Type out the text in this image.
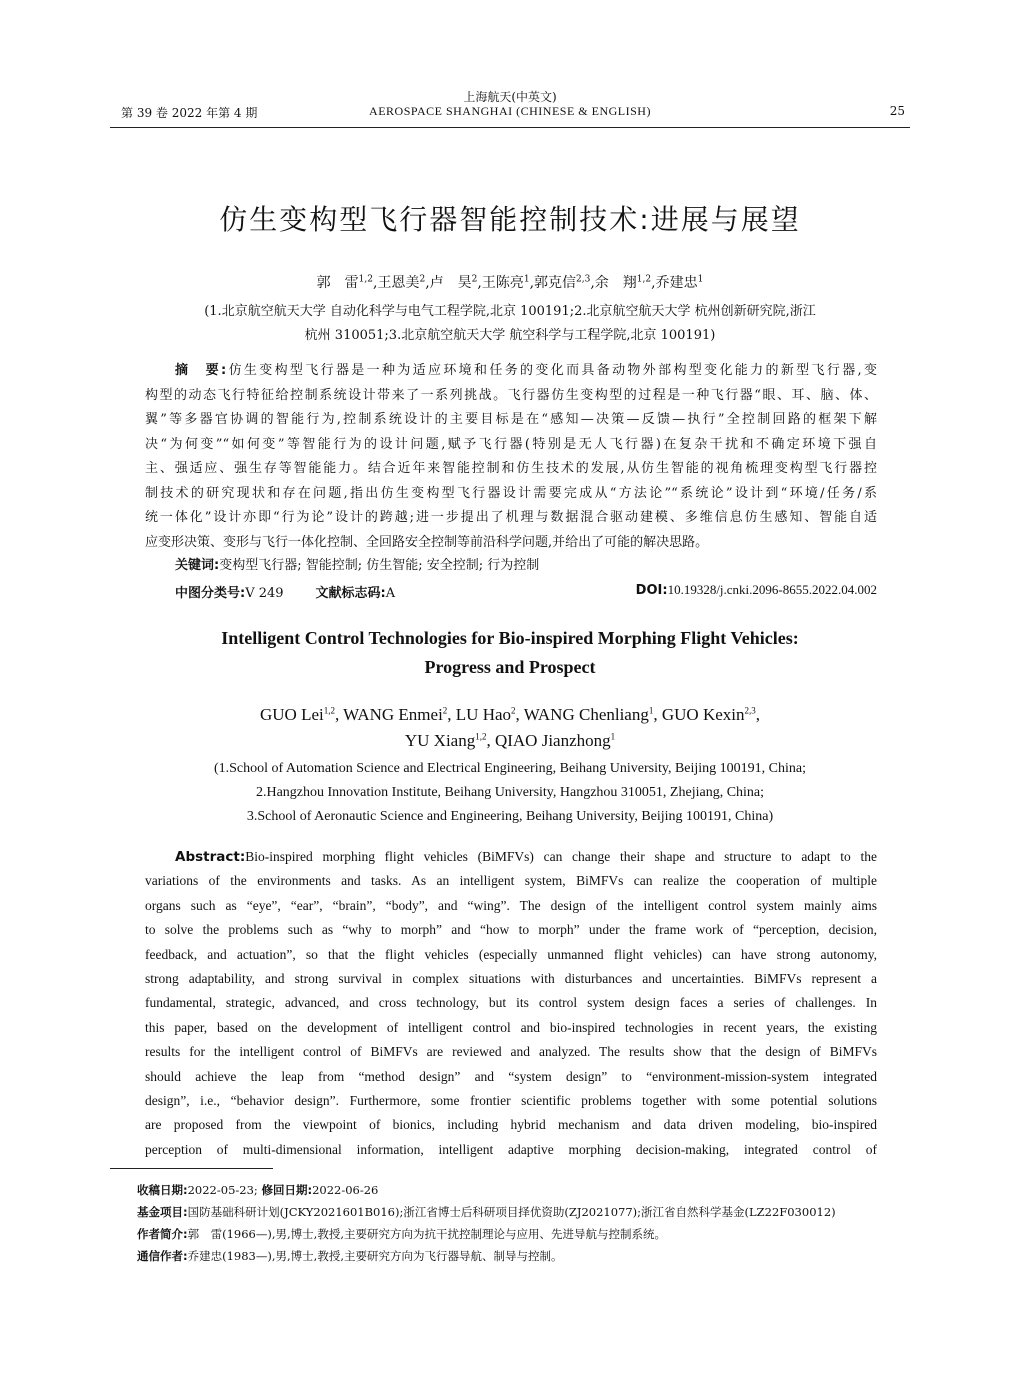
第 39 卷 2022 年第 4 期
上海航天(中英文)
AEROSPACE SHANGHAI (CHINESE & ENGLISH)	25
仿生变构型飞行器智能控制技术:进展与展望
郭　雷$^{1,2}$,王恩美$^2$,卢　昊$^2$,王陈亮$^1$,郭克信$^{2,3}$,余　翔$^{1,2}$,乔建忠$^1$
(1.北京航空航天大学 自动化科学与电气工程学院,北京 100191;2.北京航空航天大学 杭州创新研究院,浙江
杭州 310051;3.北京航空航天大学 航空科学与工程学院,北京 100191)
摘　要:仿生变构型飞行器是一种为适应环境和任务的变化而具备动物外部构型变化能力的新型飞行器,变
构型的动态飞行特征给控制系统设计带来了一系列挑战。飞行器仿生变构型的过程是一种飞行器“眼、耳、脑、体、
翼”等多器官协调的智能行为,控制系统设计的主要目标是在“感知—决策—反馈—执行”全控制回路的框架下解
决“为何变”“如何变”等智能行为的设计问题,赋予飞行器(特别是无人飞行器)在复杂干扰和不确定环境下强自
主、强适应、强生存等智能能力。结合近年来智能控制和仿生技术的发展,从仿生智能的视角梳理变构型飞行器控
制技术的研究现状和存在问题,指出仿生变构型飞行器设计需要完成从“方法论”“系统论”设计到“环境/任务/系
统一体化”设计亦即“行为论”设计的跨越;进一步提出了机理与数据混合驱动建模、多维信息仿生感知、智能自适
应变形决策、变形与飞行一体化控制、全回路安全控制等前沿科学问题,并给出了可能的解决思路。
关键词:变构型飞行器; 智能控制; 仿生智能; 安全控制; 行为控制
中图分类号:V 249 文献标志码:A	DOI:10.19328/j.cnki.2096-8655.2022.04.002
Intelligent Control Technologies for Bio-inspired Morphing Flight Vehicles:
Progress and Prospect
GUO Lei$^{1,2}$, WANG Enmei$^2$, LU Hao$^2$, WANG Chenliang$^1$, GUO Kexin$^{2,3}$,
YU Xiang$^{1,2}$, QIAO Jianzhong$^1$
(1.School of Automation Science and Electrical Engineering, Beihang University, Beijing 100191, China;
2.Hangzhou Innovation Institute, Beihang University, Hangzhou 310051, Zhejiang, China;
3.School of Aeronautic Science and Engineering, Beihang University, Beijing 100191, China)
Abstract:Bio-inspired morphing flight vehicles (BiMFVs) can change their shape and structure to adapt to the
variations of the environments and tasks. As an intelligent system, BiMFVs can realize the cooperation of multiple
organs such as “eye”, “ear”, “brain”, “body”, and “wing”. The design of the intelligent control system mainly aims
to solve the problems such as “why to morph” and “how to morph” under the frame work of “perception, decision,
feedback, and actuation”, so that the flight vehicles (especially unmanned flight vehicles) can have strong autonomy,
strong adaptability, and strong survival in complex situations with disturbances and uncertainties. BiMFVs represent a
fundamental, strategic, advanced, and cross technology, but its control system design faces a series of challenges. In
this paper, based on the development of intelligent control and bio-inspired technologies in recent years, the existing
results for the intelligent control of BiMFVs are reviewed and analyzed. The results show that the design of BiMFVs
should achieve the leap from “method design” and “system design” to “environment-mission-system integrated
design”, i.e., “behavior design”. Furthermore, some frontier scientific problems together with some potential solutions
are proposed from the viewpoint of bionics, including hybrid mechanism and data driven modeling, bio-inspired
perception of multi-dimensional information, intelligent adaptive morphing decision-making, integrated control of
收稿日期:2022-05-23; 修回日期:2022-06-26
基金项目:国防基础科研计划(JCKY2021601B016);浙江省博士后科研项目择优资助(ZJ2021077);浙江省自然科学基金(LZ22F030012)
作者简介:郭　雷(1966—),男,博士,教授,主要研究方向为抗干扰控制理论与应用、先进导航与控制系统。
通信作者:乔建忠(1983—),男,博士,教授,主要研究方向为飞行器导航、制导与控制。
